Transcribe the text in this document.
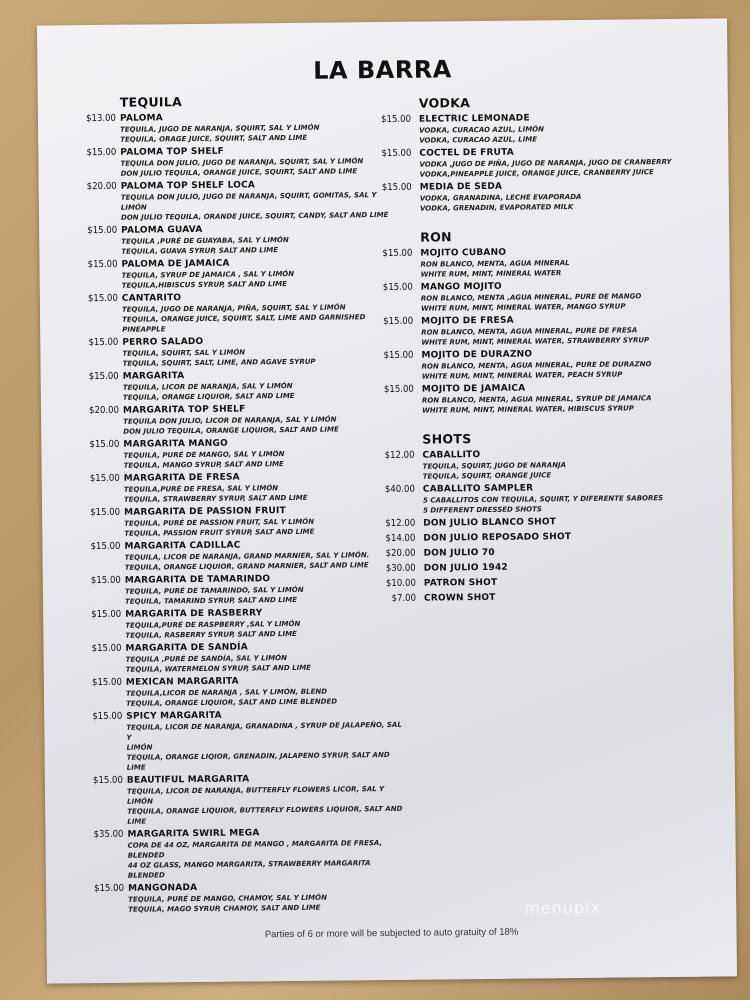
LA BARRA
TEQUILA
$13.00 PALOMA
TEQUILA, JUGO DE NARANJA, SQUIRT, SAL Y LIMÓN
TEQUILA, ORAGE JUICE, SQUIRT, SALT AND LIME
$15.00 PALOMA TOP SHELF
TEQUILA DON JULIO, JUGO DE NARANJA, SQUIRT, SAL Y LIMÓN
DON JULIO TEQUILA, ORANGE JUICE, SQUIRT, SALT AND LIME
$20.00 PALOMA TOP SHELF LOCA
TEQUILA DON JULIO, JUGO DE NARANJA, SQUIRT, GOMITAS, SAL Y LIMÓN
DON JULIO TEQUILA, ORANDE JUICE, SQUIRT, CANDY, SALT AND LIME
$15.00 PALOMA GUAVA
TEQUILA ,PURÉ DE GUAYABA, SAL Y LIMÓN
TEQUILA, GUAVA SYRUP, SALT AND LIME
$15.00 PALOMA DE JAMAICA
TEQUILA, SYRUP DE JAMAICA , SAL Y LIMÓN
TEQUILA,HIBISCUS SYRUP, SALT AND LIME
$15.00 CANTARITO
TEQUILA, JUGO DE NARANJA, PIÑA, SQUIRT, SAL Y LIMÓN
TEQUILA, ORANGE JUICE, SQUIRT, SALT, LIME AND GARNISHED
PINEAPPLE
$15.00 PERRO SALADO
TEQUILA, SQUIRT, SAL Y LIMÓN
TEQUILA, SQUIRT, SALT, LIME, AND AGAVE SYRUP
$15.00 MARGARITA
TEQUILA, LICOR DE NARANJA, SAL Y LIMÓN
TEQUILA, ORANGE LIQUIOR, SALT AND LIME
$20.00 MARGARITA TOP SHELF
TEQUILA DON JULIO, LICOR DE NARANJA, SAL Y LIMÓN
DON JULIO TEQUILA, ORANGE LIQUIOR, SALT AND LIME
$15.00 MARGARITA MANGO
TEQUILA, PURÉ DE MANGO, SAL Y LIMÓN
TEQUILA, MANGO SYRUP, SALT AND LIME
$15.00 MARGARITA DE FRESA
TEQUILA,PURÉ DE FRESA, SAL Y LIMÓN
TEQUILA, STRAWBERRY SYRUP, SALT AND LIME
$15.00 MARGARITA DE PASSION FRUIT
TEQUILA, PURÉ DE PASSION FRUIT, SAL Y LIMÓN
TEQUILA, PASSION FRUIT SYRUP, SALT AND LIME
$15.00 MARGARITA CADILLAC
TEQUILA, LICOR DE NARANJA, GRAND MARNIER, SAL Y LIMÓN.
TEQUILA, ORANGE LIQUIOR, GRAND MARNIER, SALT AND LIME
$15.00 MARGARITA DE TAMARINDO
TEQUILA, PURÉ DE TAMARINDO, SAL Y LIMÓN
TEQUILA, TAMARIND SYRUP, SALT AND LIME
$15.00 MARGARITA DE RASBERRY
TEQUILA,PURÉ DE RASPBERRY ,SAL Y LIMÓN
TEQUILA, RASBERRY SYRUP, SALT AND LIME
$15.00 MARGARITA DE SANDÍA
TEQUILA ,PURÉ DE SANDÍA, SAL Y LIMÓN
TEQUILA, WATERMELON SYRUP, SALT AND LIME
$15.00 MEXICAN MARGARITA
TEQUILA,LICOR DE NARANJA , SAL Y LIMÓN, BLEND
TEQUILA, ORANGE LIQUIOR, SALT AND LIME BLENDED
$15.00 SPICY MARGARITA
TEQUILA, LICOR DE NARANJA, GRANADINA , SYRUP DE JALAPEÑO, SAL Y
LIMÓN
TEQUILA, ORANGE LIQIOR, GRENADIN, JALAPENO SYRUP, SALT AND LIME
$15.00 BEAUTIFUL MARGARITA
TEQUILA, LICOR DE NARANJA, BUTTERFLY FLOWERS LICOR, SAL Y LIMÓN
TEQUILA, ORANGE LIQUIOR, BUTTERFLY FLOWERS LIQUIOR, SALT AND LIME
$35.00 MARGARITA SWIRL MEGA
COPA DE 44 OZ, MARGARITA DE MANGO , MARGARITA DE FRESA,
BLENDED
44 OZ GLASS, MANGO MARGARITA, STRAWBERRY MARGARITA BLENDED
$15.00 MANGONADA
TEQUILA, PURÉ DE MANGO, CHAMOY, SAL Y LIMÓN
TEQUILA, MAGO SYRUP, CHAMOY, SALT AND LIME
VODKA
$15.00 ELECTRIC LEMONADE
VODKA, CURACAO AZUL, LIMÓN
VODKA, CURACAO AZUL, LIME
$15.00 COCTEL DE FRUTA
VODKA ,JUGO DE PIÑA, JUGO DE NARANJA, JUGO DE CRANBERRY
VODKA,PINEAPPLE JUICE, ORANGE JUICE, CRANBERRY JUICE
$15.00 MEDIA DE SEDA
VODKA, GRANADINA, LECHE EVAPORADA
VODKA, GRENADIN, EVAPORATED MILK
RON
$15.00 MOJITO CUBANO
RON BLANCO, MENTA, AGUA MINERAL
WHITE RUM, MINT, MINERAL WATER
$15.00 MANGO MOJITO
RON BLANCO, MENTA ,AGUA MINERAL, PURE DE MANGO
WHITE RUM, MINT, MINERAL WATER, MANGO SYRUP
$15.00 MOJITO DE FRESA
RON BLANCO, MENTA, AGUA MINERAL, PURE DE FRESA
WHITE RUM, MINT, MINERAL WATER, STRAWBERRY SYRUP
$15.00 MOJITO DE DURAZNO
RON BLANCO, MENTA, AGUA MINERAL, PURE DE DURAZNO
WHITE RUM, MINT, MINERAL WATER, PEACH SYRUP
$15.00 MOJITO DE JAMAICA
RON BLANCO, MENTA, AGUA MINERAL, SYRUP DE JAMAICA
WHITE RUM, MINT, MINERAL WATER, HIBISCUS SYRUP
SHOTS
$12.00 CABALLITO
TEQUILA, SQUIRT, JUGO DE NARANJA
TEQUILA, SQUIRT, ORANGE JUICE
$40.00 CABALLITO SAMPLER
5 CABALLITOS CON TEQUILA, SQUIRT, Y DIFERENTE SABORES
5 DIFFERENT DRESSED SHOTS
$12.00 DON JULIO BLANCO SHOT
$14.00 DON JULIO REPOSADO SHOT
$20.00 DON JULIO 70
$30.00 DON JULIO 1942
$10.00 PATRON SHOT
$7.00 CROWN SHOT
Parties of 6 or more will be subjected to auto gratuity of 18%
menupix
